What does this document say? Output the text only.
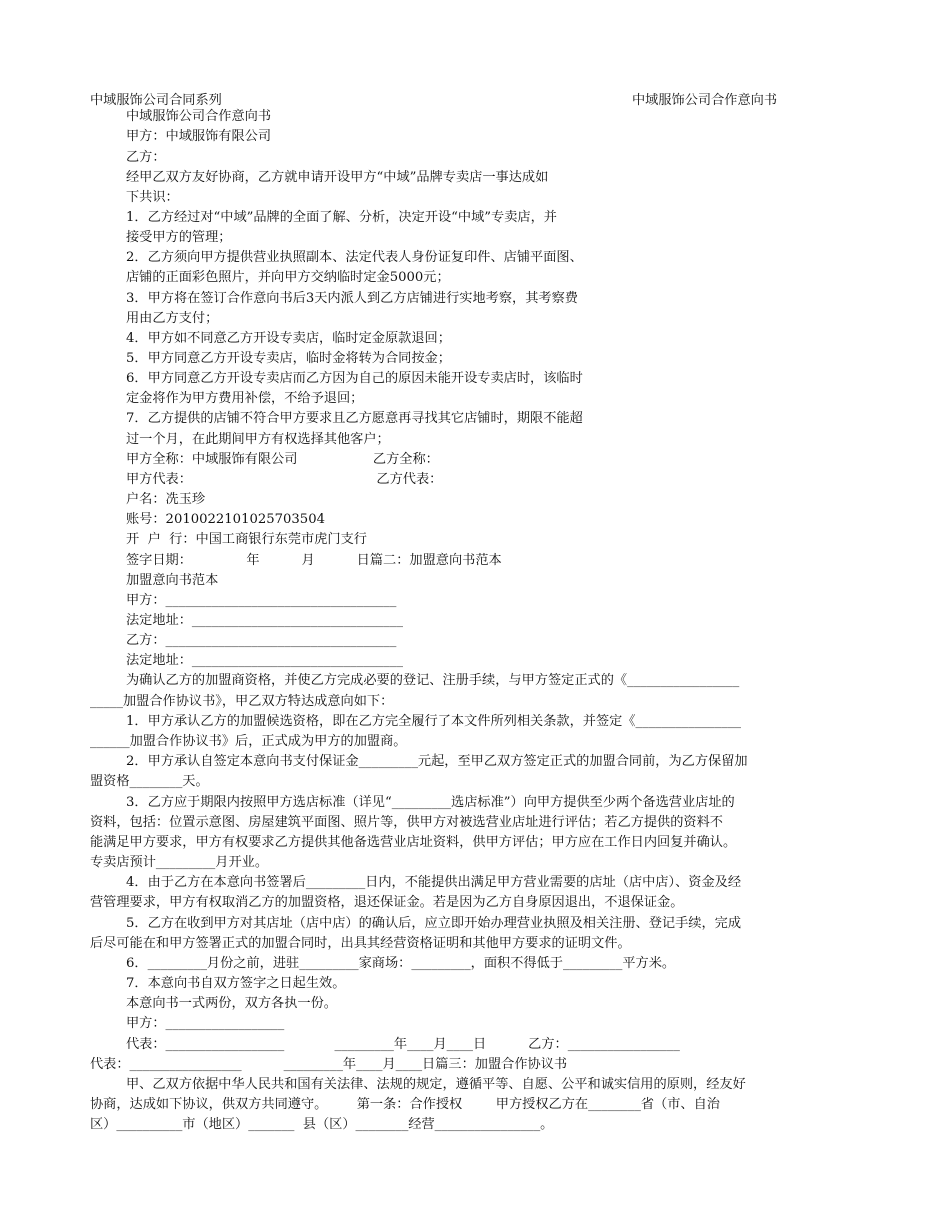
中域服饰公司合同系列	中域服饰公司合作意向书
中域服饰公司合作意向书
甲方：中域服饰有限公司
乙方：
经甲乙双方友好协商，乙方就申请开设甲方“中域”品牌专卖店一事达成如
下共识：
1．乙方经过对“中域”品牌的全面了解、分析，决定开设“中域”专卖店，并
接受甲方的管理；
2．乙方须向甲方提供营业执照副本、法定代表人身份证复印件、店铺平面图、
店铺的正面彩色照片，并向甲方交纳临时定金5000元；
3．甲方将在签订合作意向书后3天内派人到乙方店铺进行实地考察，其考察费
用由乙方支付；
4．甲方如不同意乙方开设专卖店，临时定金原款退回；
5．甲方同意乙方开设专卖店，临时金将转为合同按金；
6．甲方同意乙方开设专卖店而乙方因为自己的原因未能开设专卖店时，该临时
定金将作为甲方费用补偿，不给予退回；
7．乙方提供的店铺不符合甲方要求且乙方愿意再寻找其它店铺时，期限不能超
过一个月，在此期间甲方有权选择其他客户；
甲方全称：中域服饰有限公司                  乙方全称：
甲方代表：                                            乙方代表：
户名：冼玉珍
账号：2010022101025703504
开  户  行：中国工商银行东莞市虎门支行
签字日期：             年          月          日篇二：加盟意向书范本
加盟意向书范本
甲方：___________________________________
法定地址：________________________________
乙方：___________________________________
法定地址：________________________________
为确认乙方的加盟商资格，并使乙方完成必要的登记、注册手续，与甲方签定正式的《_________________
_____加盟合作协议书》，甲乙双方特达成意向如下：
1．甲方承认乙方的加盟候选资格，即在乙方完全履行了本文件所列相关条款，并签定《________________
______加盟合作协议书》后，正式成为甲方的加盟商。
2．甲方承认自签定本意向书支付保证金_________元起，至甲乙双方签定正式的加盟合同前，为乙方保留加
盟资格________天。
3．乙方应于期限内按照甲方选店标准（详见“_________选店标准”）向甲方提供至少两个备选营业店址的
资料，包括：位置示意图、房屋建筑平面图、照片等，供甲方对被选营业店址进行评估；若乙方提供的资料不
能满足甲方要求，甲方有权要求乙方提供其他备选营业店址资料，供甲方评估；甲方应在工作日内回复并确认。
专卖店预计_________月开业。
4．由于乙方在本意向书签署后_________日内，不能提供出满足甲方营业需要的店址（店中店）、资金及经
营管理要求，甲方有权取消乙方的加盟资格，退还保证金。若是因为乙方自身原因退出，不退保证金。
5．乙方在收到甲方对其店址（店中店）的确认后，应立即开始办理营业执照及相关注册、登记手续，完成
后尽可能在和甲方签署正式的加盟合同时，出具其经营资格证明和其他甲方要求的证明文件。
6．_________月份之前，进驻_________家商场：_________，面积不得低于_________平方米。
7．本意向书自双方签字之日起生效。
本意向书一式两份，双方各执一份。
甲方：__________________
代表：__________________            _________年____月____日          乙方：_________________
代表：_________________          _________年____月____日篇三：加盟合作协议书
甲、乙双方依据中华人民共和国有关法律、法规的规定，遵循平等、自愿、公平和诚实信用的原则，经友好
协商，达成如下协议，供双方共同遵守。       第一条：合作授权        甲方授权乙方在________省（市、自治
区）__________市（地区）_______  县（区）________经营________________。
